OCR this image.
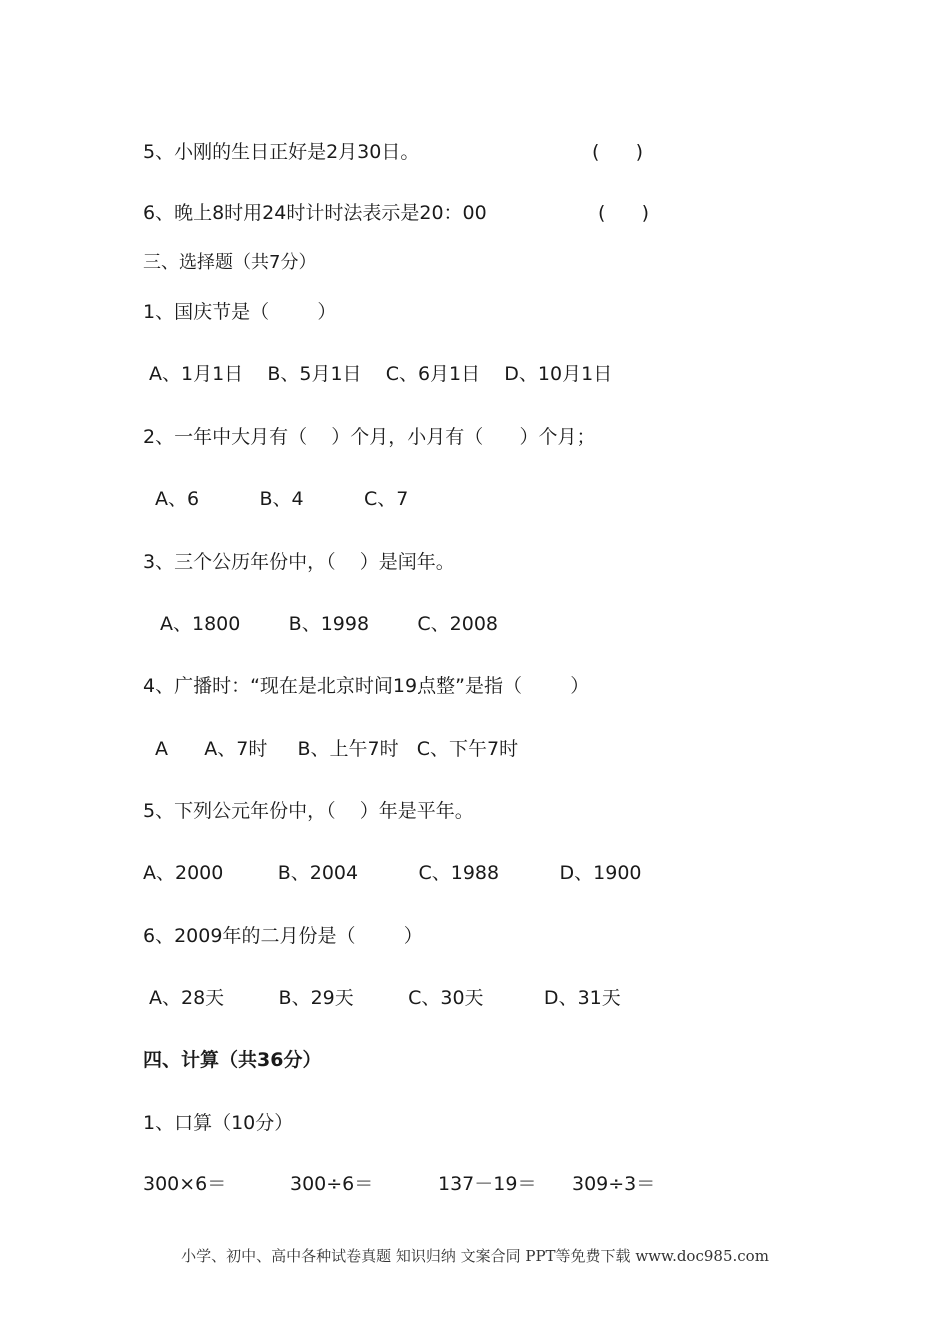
5、小刚的生日正好是2月30日。	(      )
6、晚上8时用24时计时法表示是20：00	(      )
三、选择题（共7分）
1、国庆节是（        ）
A、1月1日    B、5月1日    C、6月1日    D、10月1日
2、一年中大月有（    ）个月，小月有（      ）个月；
A、6          B、4          C、7
3、三个公历年份中，（    ）是闰年。
A、1800        B、1998        C、2008
4、广播时：“现在是北京时间19点整”是指（        ）
A      A、7时     B、上午7时   C、下午7时
5、下列公元年份中，（    ）年是平年。
A、2000         B、2004          C、1988          D、1900
6、2009年的二月份是（        ）
A、28天         B、29天         C、30天          D、31天
四、计算（共36分）
1、口算（10分）
300×6＝	300÷6＝	137－19＝ 309÷3＝
小学、初中、高中各种试卷真题 知识归纳 文案合同 PPT等免费下载 www.doc985.com
